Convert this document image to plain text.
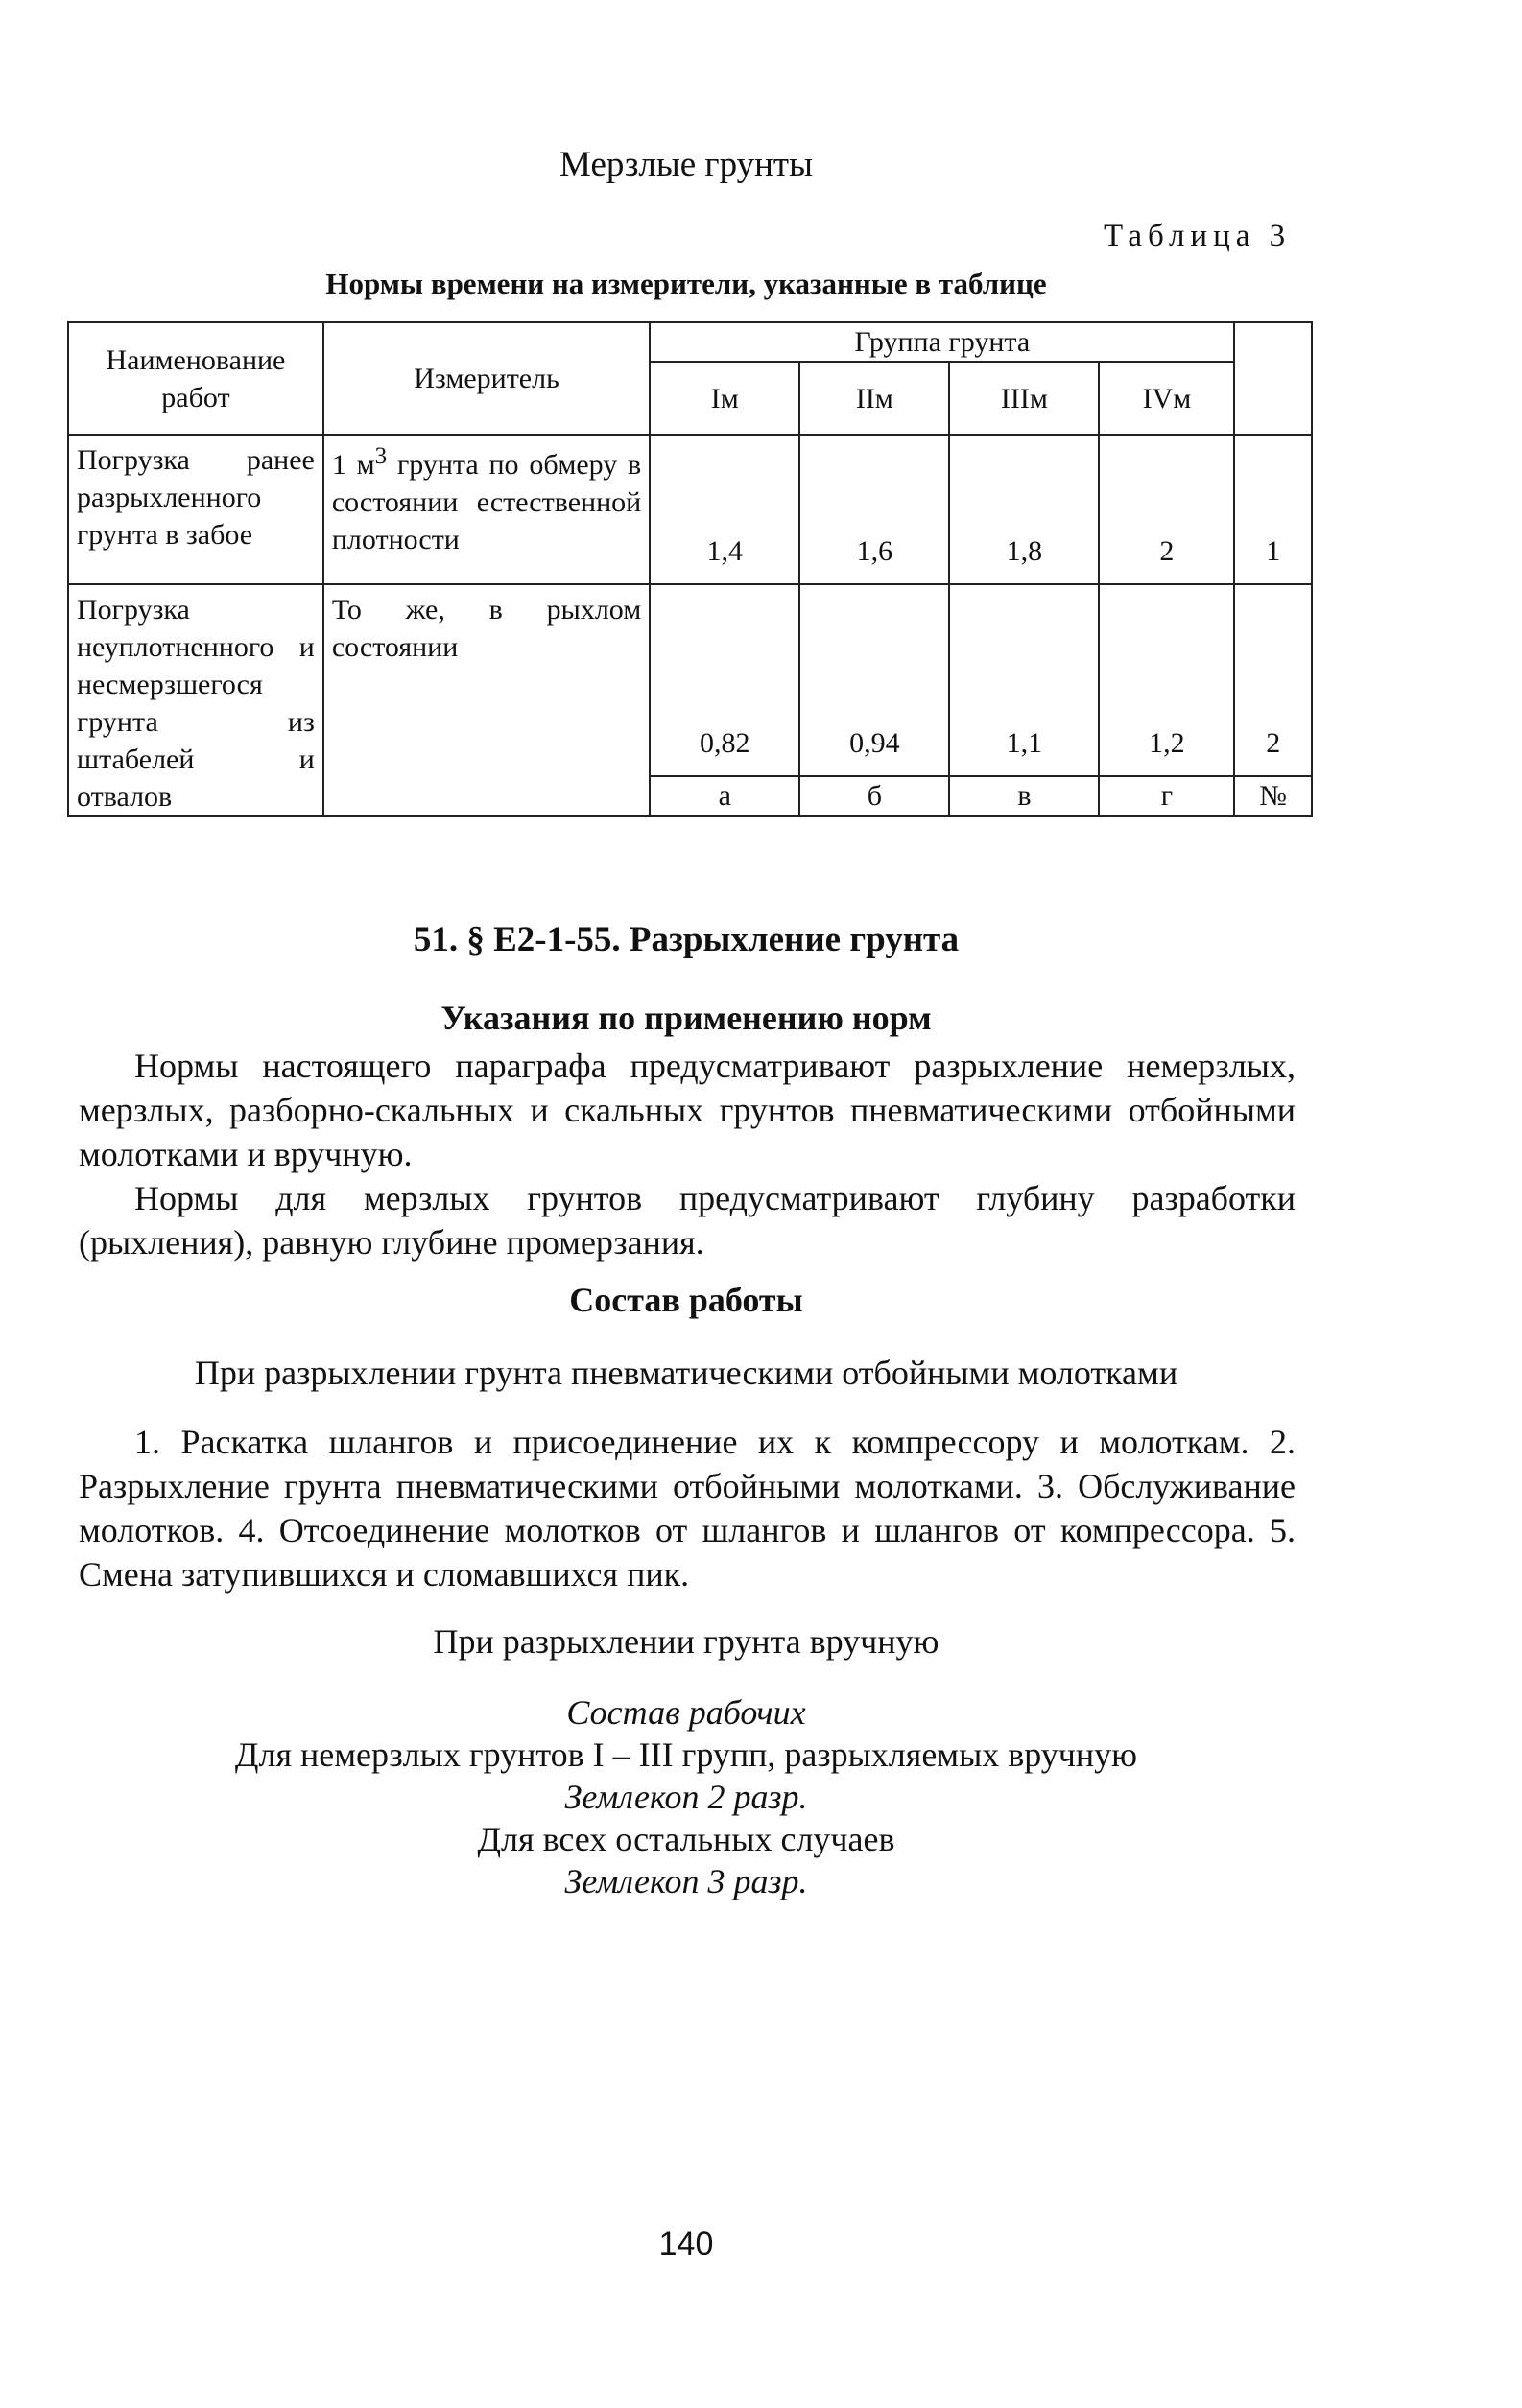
Мерзлые грунты
Таблица 3
Нормы времени на измерители, указанные в таблице
Наименование работ	Измеритель	Группа грунта				
		Iм	IIм	IIIм	IVм	
Погрузка ранее разрыхленного грунта в забое	1 $м^3$ грунта по обмеру в состоянии естественной плотности	1,4	1,6	1,8	2	1
Погрузка неуплотненного и несмерзшегося грунта из штабелей и отвалов	То же, в рыхлом состоянии	0,82	0,94	1,1	1,2	2
		а	б	в	г	№
51. § Е2-1-55. Разрыхление грунта
Указания по применению норм
Нормы настоящего параграфа предусматривают разрыхление немерзлых, мерзлых, разборно-скальных и скальных грунтов пневматическими отбойными молотками и вручную.
Нормы для мерзлых грунтов предусматривают глубину разработки (рыхления), равную глубине промерзания.
Состав работы
При разрыхлении грунта пневматическими отбойными молотками
1. Раскатка шлангов и присоединение их к компрессору и молоткам. 2. Разрыхление грунта пневматическими отбойными молотками. 3. Обслуживание молотков. 4. Отсоединение молотков от шлангов и шлангов от компрессора. 5. Смена затупившихся и сломавшихся пик.
При разрыхлении грунта вручную
Состав рабочих
Для немерзлых грунтов I – III групп, разрыхляемых вручную
Землекоп 2 разр.
Для всех остальных случаев
Землекоп 3 разр.
140
